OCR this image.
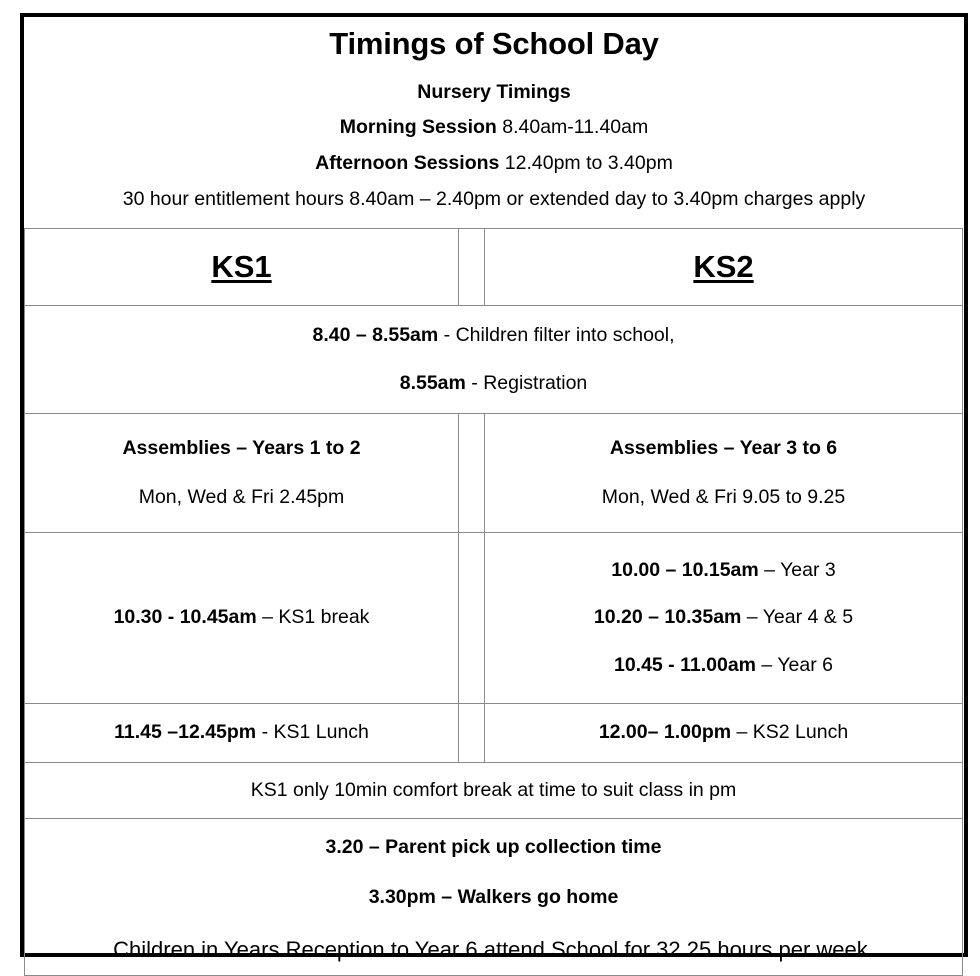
Timings of School Day
Nursery Timings
Morning Session 8.40am-11.40am
Afternoon Sessions 12.40pm to 3.40pm
30 hour entitlement hours 8.40am – 2.40pm or extended day to 3.40pm charges apply
KS1		KS2

8.40 – 8.55am - Children filter into school,
8.55am - Registration		

Assemblies – Years 1 to 2
Mon, Wed & Fri 2.45pm

Assemblies – Year 3 to 6
Mon, Wed & Fri 9.05 to 9.25

10.30 - 10.45am – KS1 break		10.00 – 10.15am – Year 3
10.20 – 10.35am – Year 4 & 5
10.45 - 11.00am – Year 6

11.45 –12.45pm - KS1 Lunch		12.00– 1.00pm – KS2 Lunch

KS1 only 10min comfort break at time to suit class in pm		

3.20 – Parent pick up collection time
3.30pm – Walkers go home
Children in Years Reception to Year 6 attend School for 32.25 hours per week.		
